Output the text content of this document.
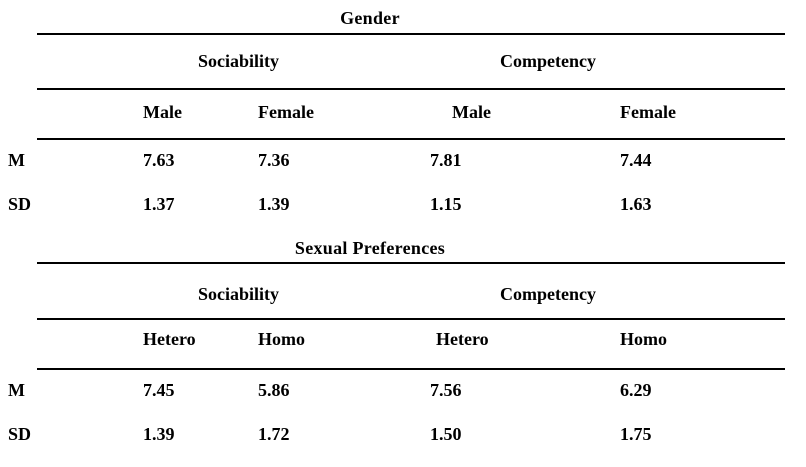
Gender
Sociability	Competency
Male	Female	Male	Female
M	7.63	7.36	7.81	7.44
SD	1.37	1.39	1.15	1.63
Sexual Preferences
Sociability	Competency
Hetero	Homo	Hetero	Homo
M	7.45	5.86	7.56	6.29
SD	1.39	1.72	1.50	1.75
